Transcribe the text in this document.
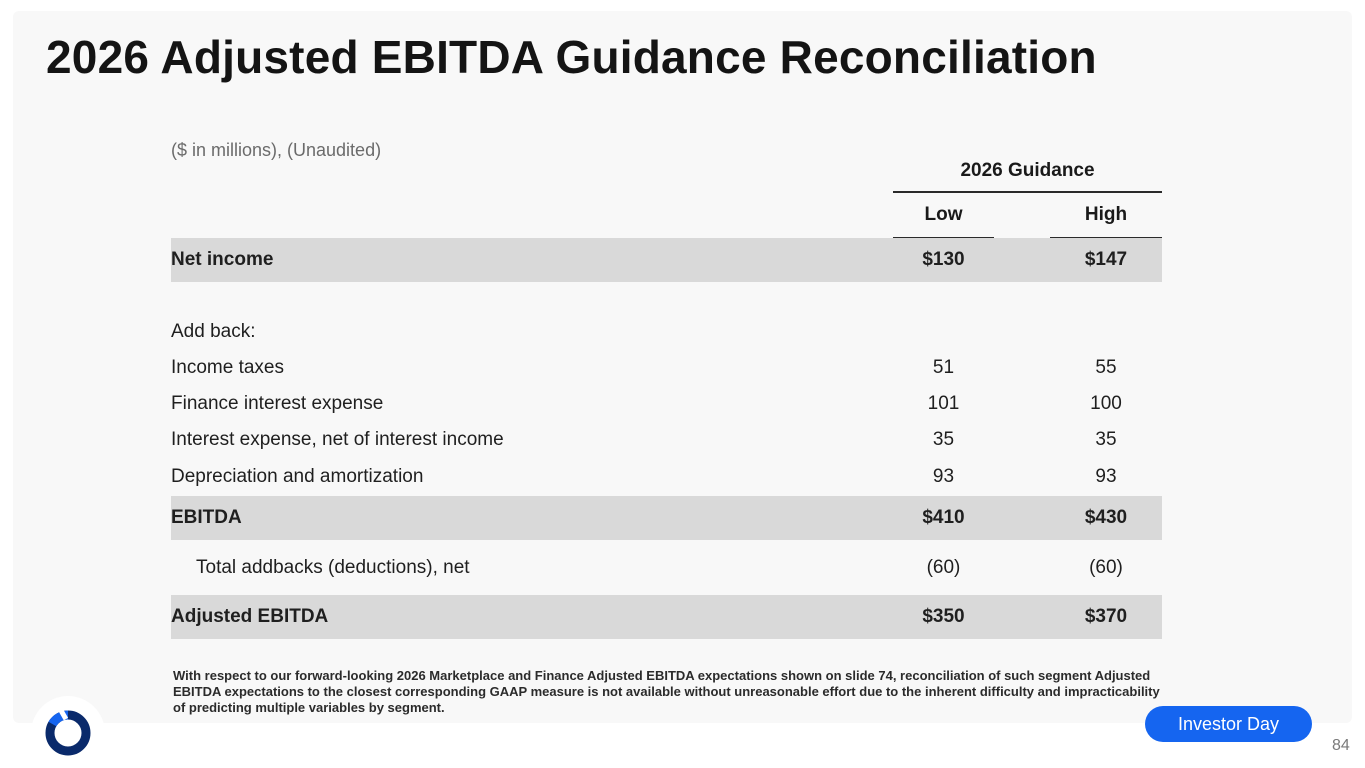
2026 Adjusted EBITDA Guidance Reconciliation
($ in millions), (Unaudited)
2026 Guidance
Low	High
Net income	$130	$147
Add back:
Income taxes	51	55
Finance interest expense	101	100
Interest expense, net of interest income	35	35
Depreciation and amortization	93	93
EBITDA	$410	$430
Total addbacks (deductions), net	(60)	(60)
Adjusted EBITDA	$350	$370
With respect to our forward-looking 2026 Marketplace and Finance Adjusted EBITDA expectations shown on slide 74, reconciliation of such segment Adjusted EBITDA expectations to the closest corresponding GAAP measure is not available without unreasonable effort due to the inherent difficulty and impracticability of predicting multiple variables by segment.
Investor Day
84
